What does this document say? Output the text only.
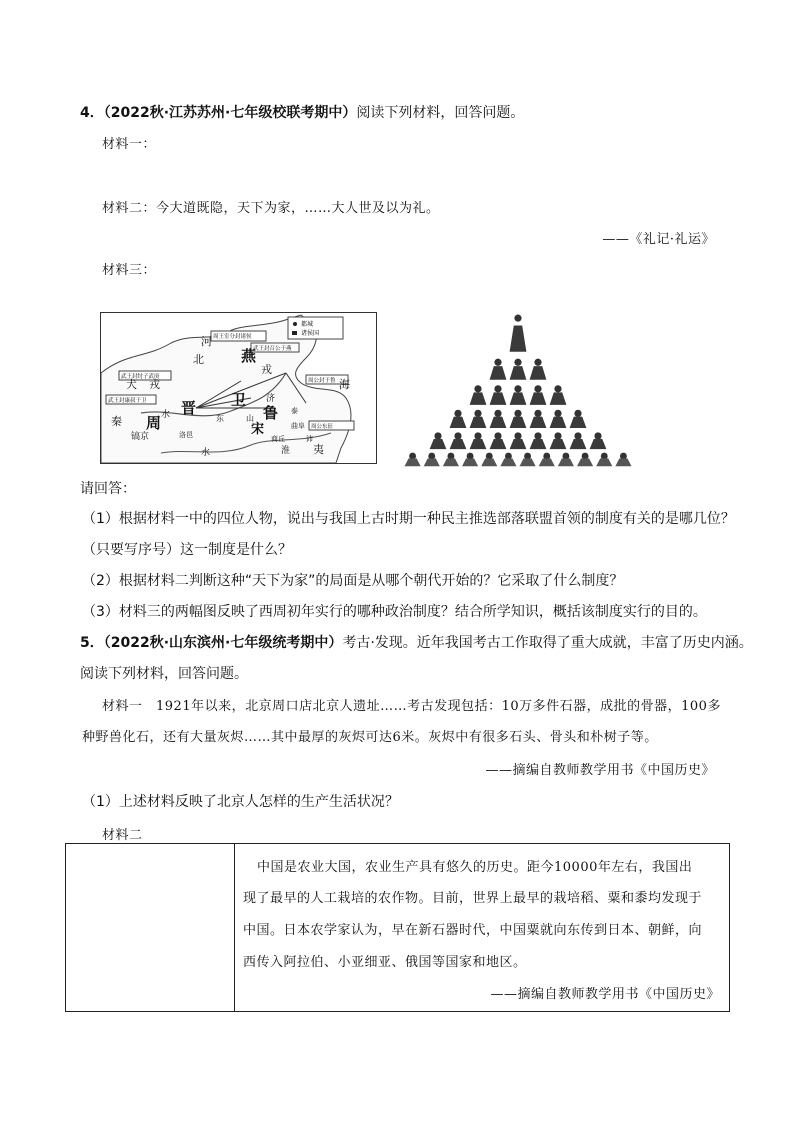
4．（2022秋·江苏苏州·七年级校联考期中）阅读下列材料，回答问题。
材料一：
材料二：今大道既隐，天下为家，……大人世及以为礼。
——《礼记·礼运》
材料三：
都城
诸侯国
周王室分封诸侯
武王封召公于燕
周公封于鲁
武王封纣子武庚
武王封康叔于卫
周公东征
燕
河
北
戎
犬 戎
晋 卫
鲁
宋
周
秦
镐京	洛邑
济
水
海
淮 夷
泰
沛
商丘
曲阜
山
东
水
请回答：
（1）根据材料一中的四位人物，说出与我国上古时期一种民主推选部落联盟首领的制度有关的是哪几位？
（只要写序号）这一制度是什么？
（2）根据材料二判断这种“天下为家”的局面是从哪个朝代开始的？它采取了什么制度？
（3）材料三的两幅图反映了西周初年实行的哪种政治制度？结合所学知识，概括该制度实行的目的。
5．（2022秋·山东滨州·七年级统考期中）考古·发现。近年我国考古工作取得了重大成就，丰富了历史内涵。
阅读下列材料，回答问题。
材料一　1921年以来，北京周口店北京人遗址……考古发现包括：10万多件石器，成批的骨器，100多
种野兽化石，还有大量灰烬……其中最厚的灰烬可达6米。灰烬中有很多石头、骨头和朴树子等。
——摘编自教师教学用书《中国历史》
（1）上述材料反映了北京人怎样的生产生活状况？
材料二
中国是农业大国，农业生产具有悠久的历史。距今10000年左右，我国出
现了最早的人工栽培的农作物。目前，世界上最早的栽培稻、粟和黍均发现于
中国。日本农学家认为，早在新石器时代，中国粟就向东传到日本、朝鲜，向
西传入阿拉伯、小亚细亚、俄国等国家和地区。
——摘编自教师教学用书《中国历史》
